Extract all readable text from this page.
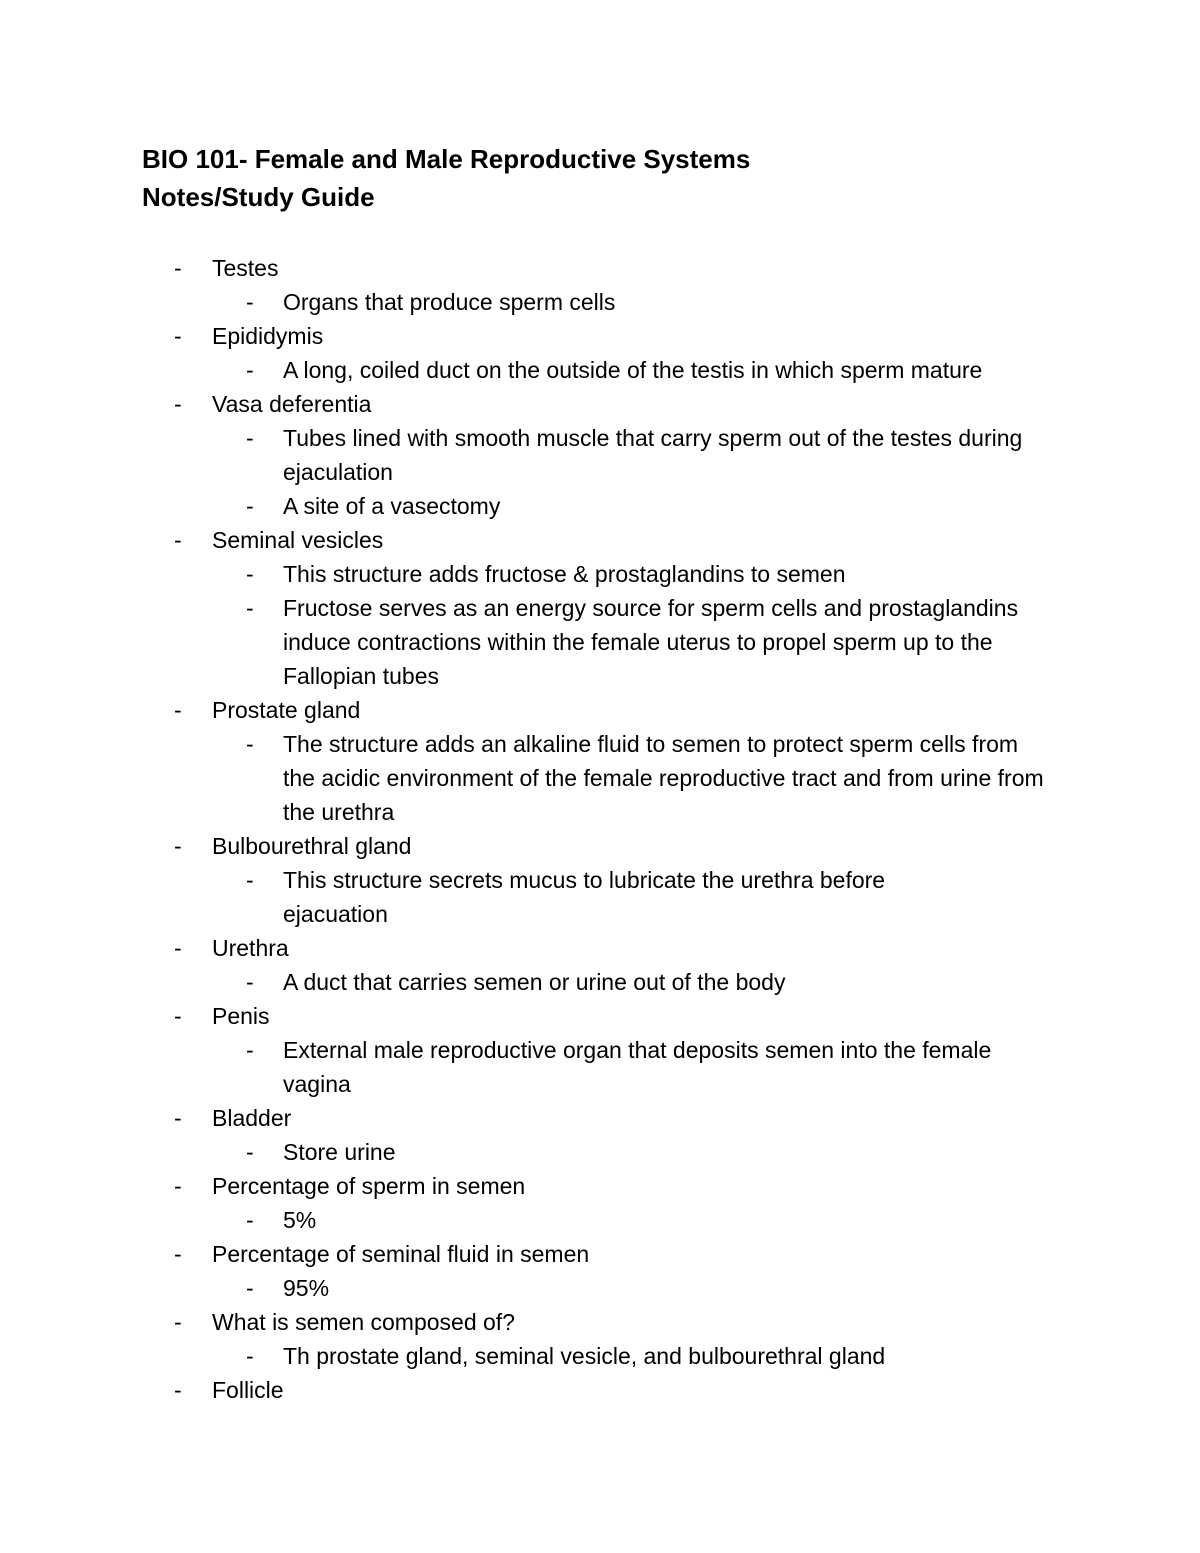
BIO 101- Female and Male Reproductive Systems
Notes/Study Guide
- Testes
- Organs that produce sperm cells
- Epididymis
- A long, coiled duct on the outside of the testis in which sperm mature
- Vasa deferentia
- Tubes lined with smooth muscle that carry sperm out of the testes during ejaculation
- A site of a vasectomy
- Seminal vesicles
- This structure adds fructose & prostaglandins to semen
- Fructose serves as an energy source for sperm cells and prostaglandins induce contractions within the female uterus to propel sperm up to the Fallopian tubes
- Prostate gland
- The structure adds an alkaline fluid to semen to protect sperm cells from the acidic environment of the female reproductive tract and from urine from the urethra
- Bulbourethral gland
- This structure secrets mucus to lubricate the urethra before ejacuation
- Urethra
- A duct that carries semen or urine out of the body
- Penis
- External male reproductive organ that deposits semen into the female vagina
- Bladder
- Store urine
- Percentage of sperm in semen
- 5%
- Percentage of seminal fluid in semen
- 95%
- What is semen composed of?
- Th prostate gland, seminal vesicle, and bulbourethral gland
- Follicle
